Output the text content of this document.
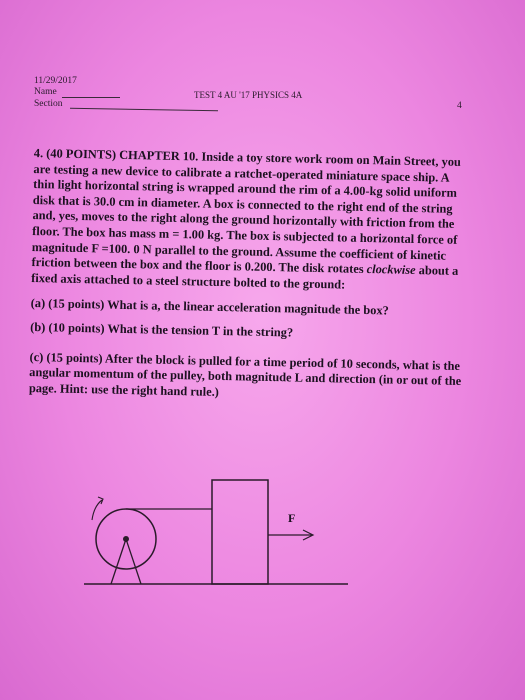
11/29/2017
Name
Section
TEST 4 AU '17 PHYSICS 4A
4

4. (40 POINTS) CHAPTER 10. Inside a toy store work room on Main Street, you are testing a new device to calibrate a ratchet-operated miniature space ship. A thin light horizontal string is wrapped around the rim of a 4.00-kg solid uniform disk that is 30.0 cm in diameter. A box is connected to the right end of the string and, yes, moves to the right along the ground horizontally with friction from the floor. The box has mass m = 1.00 kg. The box is subjected to a horizontal force of magnitude F =100. 0 N parallel to the ground. Assume the coefficient of kinetic friction between the box and the floor is 0.200. The disk rotates clockwise about a fixed axis attached to a steel structure bolted to the ground:

(a) (15 points) What is a, the linear acceleration magnitude the box?

(b) (10 points) What is the tension T in the string?

(c) (15 points) After the block is pulled for a time period of 10 seconds, what is the angular momentum of the pulley, both magnitude L and direction (in or out of the page. Hint: use the right hand rule.)

F
